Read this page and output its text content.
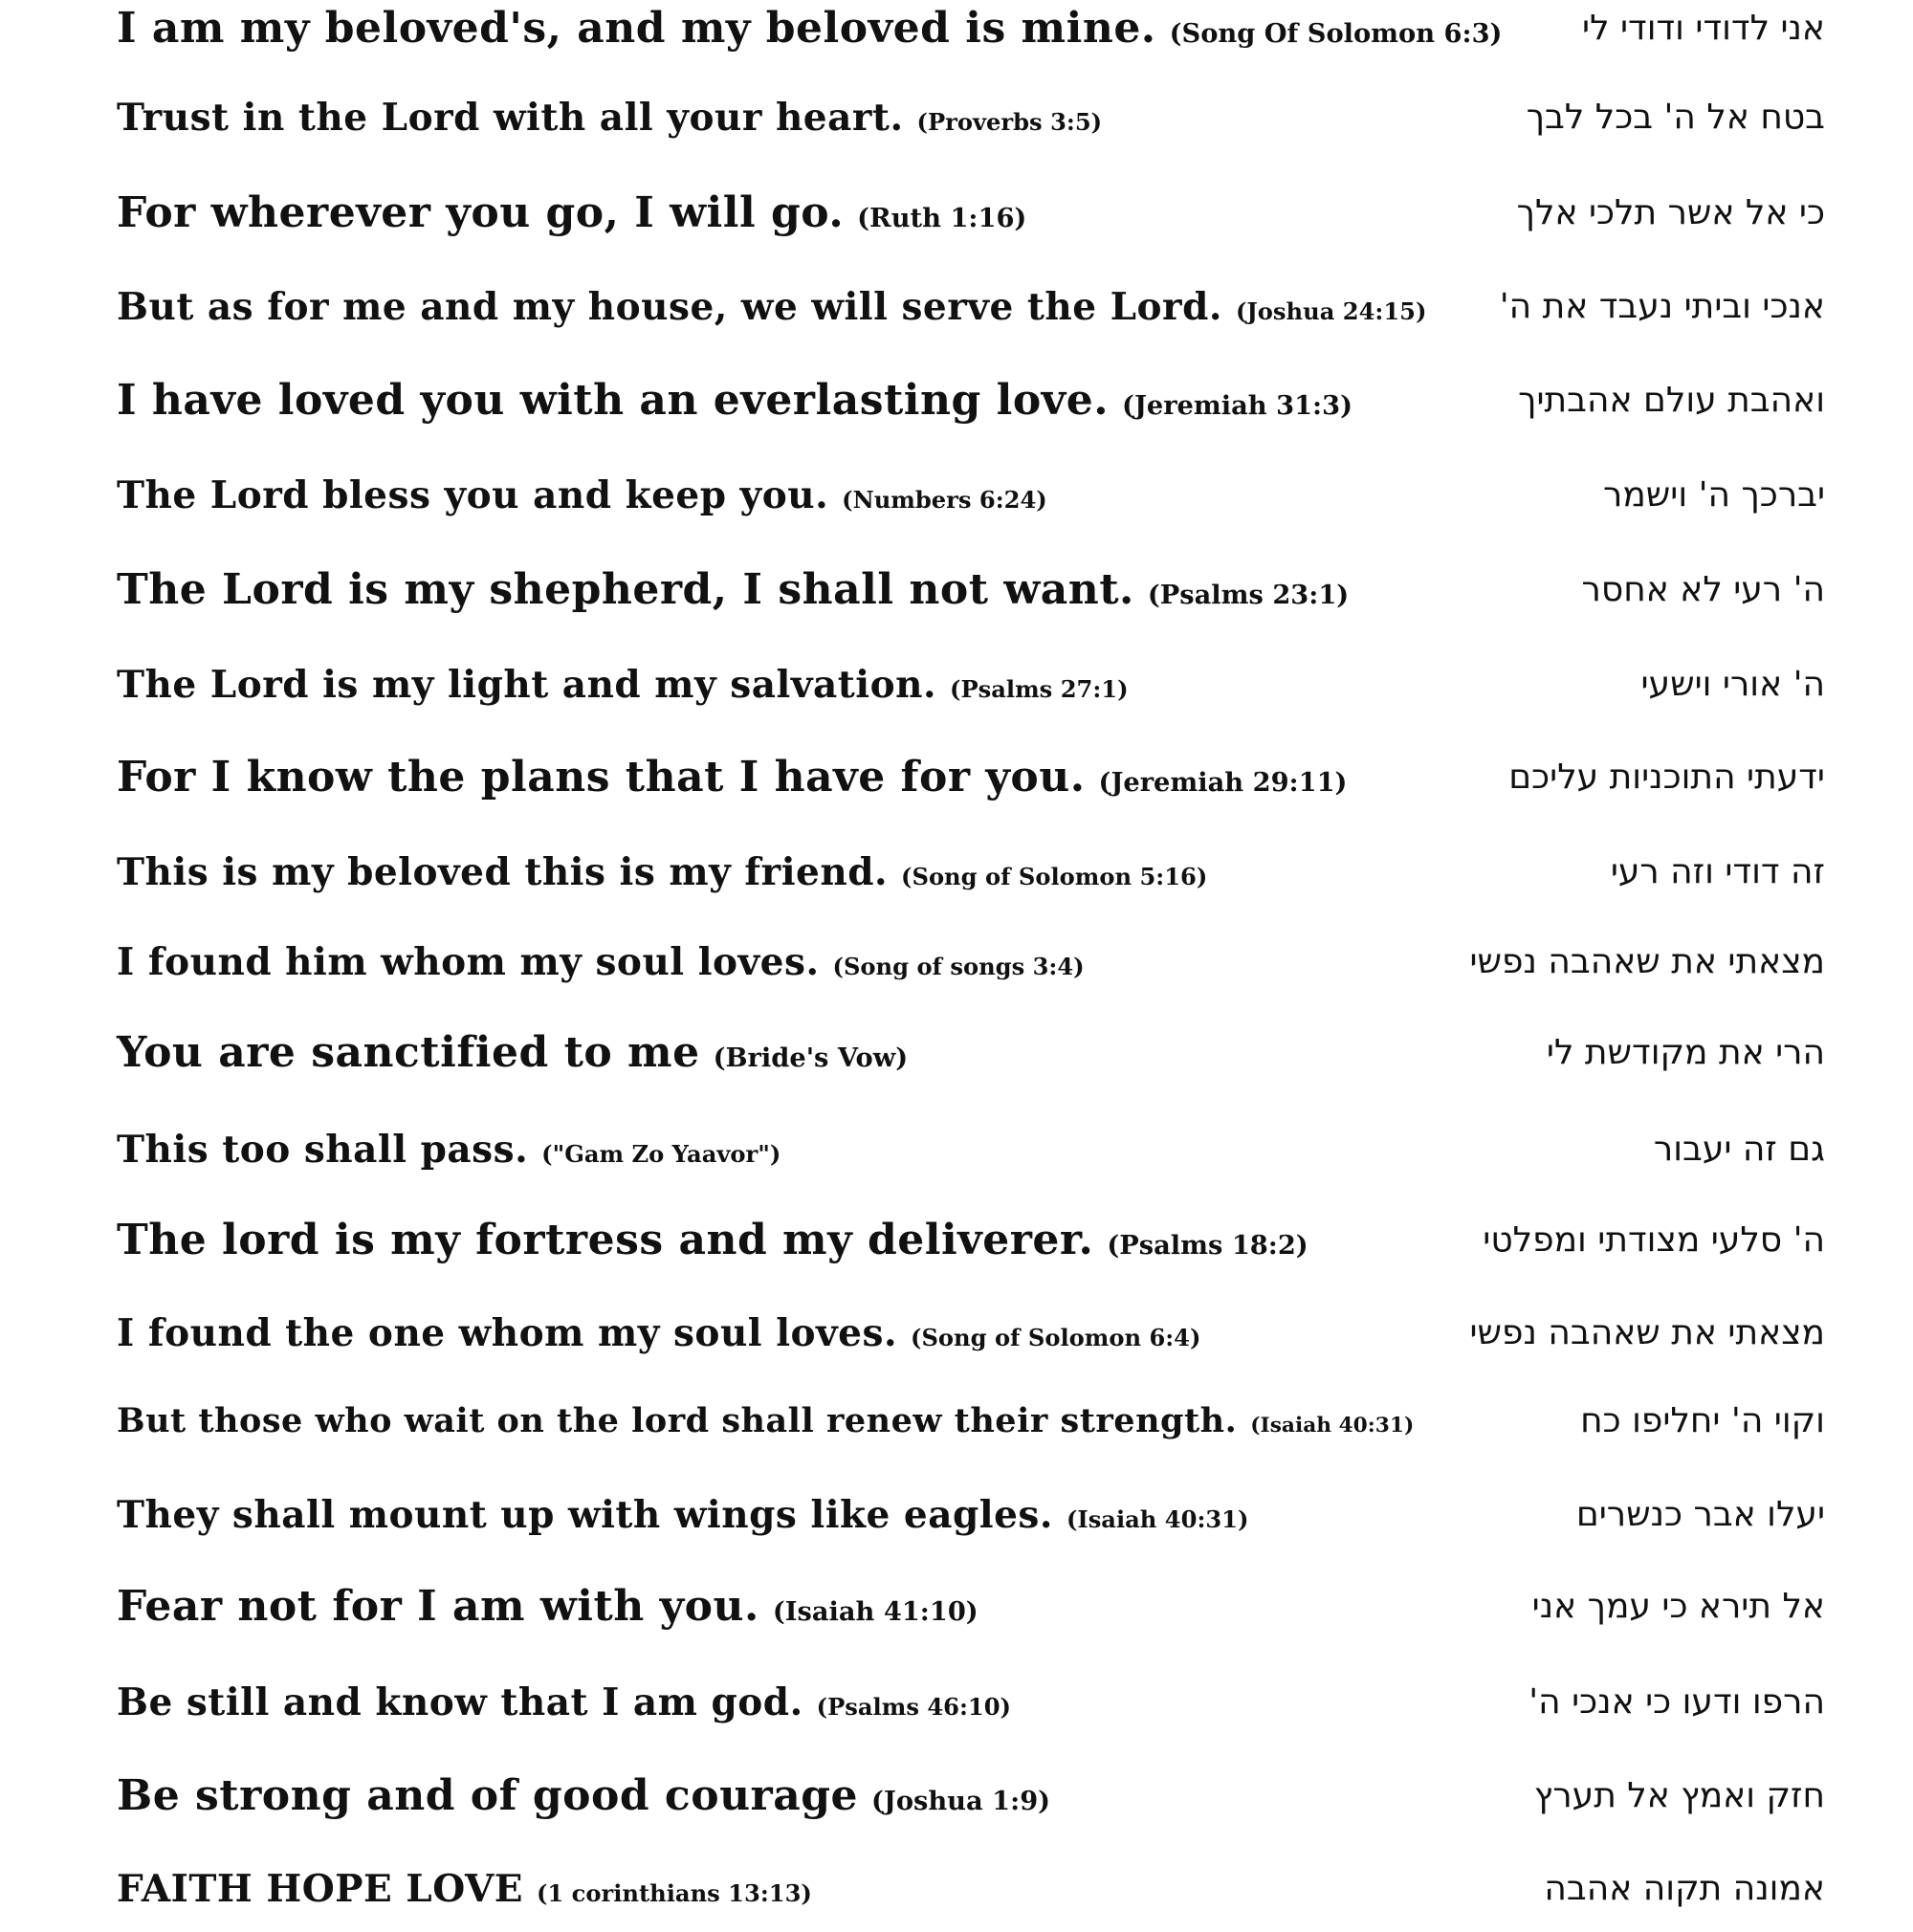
I am my beloved's, and my beloved is mine. (Song Of Solomon 6:3) אני לדודי ודודי לי
Trust in the Lord with all your heart. (Proverbs 3:5)	בטח אל ה' בכל לבך
For wherever you go, I will go. (Ruth 1:16)	כי אל אשר תלכי אלך
But as for me and my house, we will serve the Lord. (Joshua 24:15) אנכי וביתי נעבד את ה'
I have loved you with an everlasting love. (Jeremiah 31:3)	ואהבת עולם אהבתיך
The Lord bless you and keep you. (Numbers 6:24)	יברכך ה' וישמר
The Lord is my shepherd, I shall not want. (Psalms 23:1)	ה' רעי לא אחסר
The Lord is my light and my salvation. (Psalms 27:1)	ה' אורי וישעי
For I know the plans that I have for you. (Jeremiah 29:11)	ידעתי התוכניות עליכם
This is my beloved this is my friend. (Song of Solomon 5:16)	זה דודי וזה רעי
I found him whom my soul loves. (Song of songs 3:4)	מצאתי את שאהבה נפשי
You are sanctified to me (Bride's Vow)	הרי את מקודשת לי
This too shall pass. ("Gam Zo Yaavor")	גם זה יעבור
The lord is my fortress and my deliverer. (Psalms 18:2)	ה' סלעי מצודתי ומפלטי
I found the one whom my soul loves. (Song of Solomon 6:4)	מצאתי את שאהבה נפשי
But those who wait on the lord shall renew their strength. (Isaiah 40:31)	וקוי ה' יחליפו כח
They shall mount up with wings like eagles. (Isaiah 40:31)	יעלו אבר כנשרים
Fear not for I am with you. (Isaiah 41:10)	אל תירא כי עמך אני
Be still and know that I am god. (Psalms 46:10)	הרפו ודעו כי אנכי ה'
Be strong and of good courage (Joshua 1:9)	חזק ואמץ אל תערץ
FAITH HOPE LOVE (1 corinthians 13:13)	אמונה תקוה אהבה
